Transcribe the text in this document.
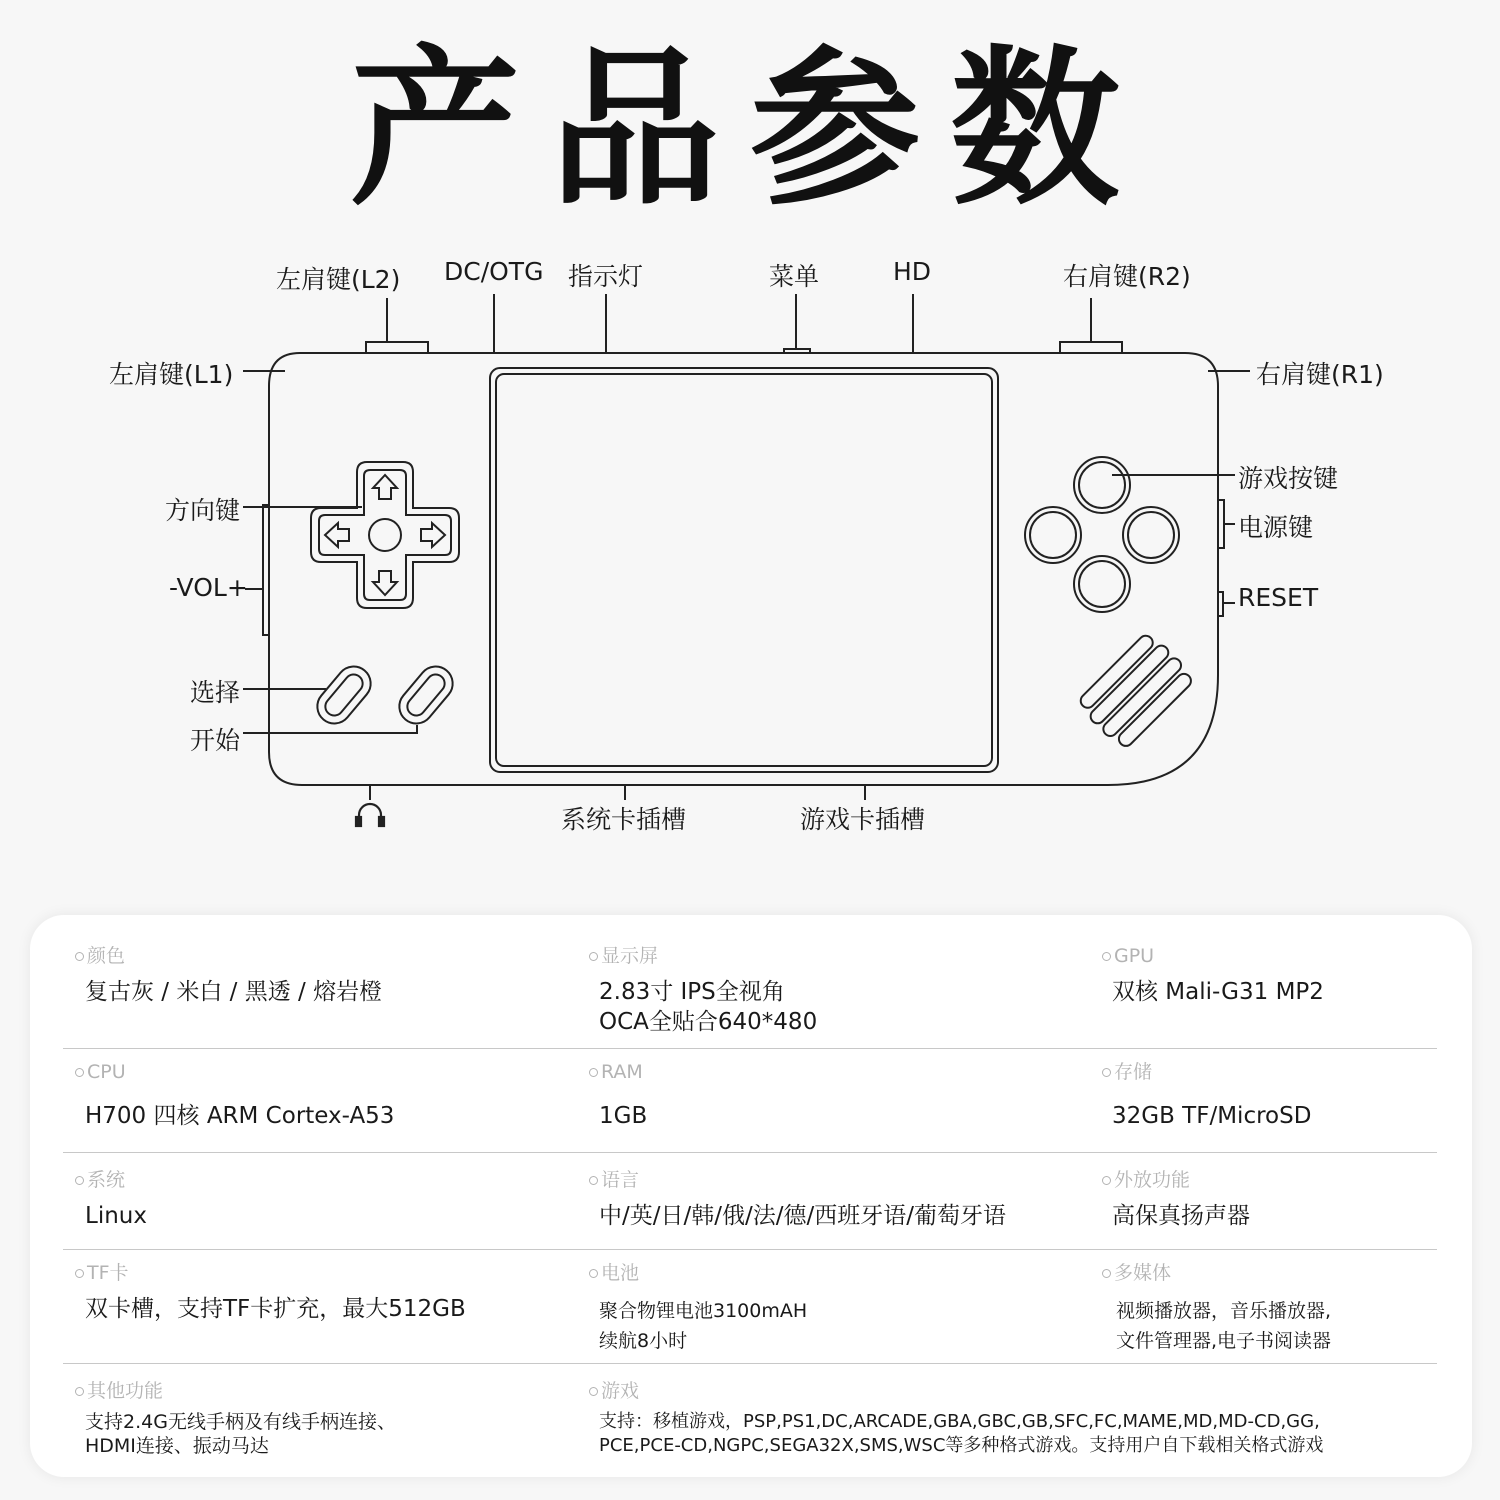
产品参数
左肩键(L2) DC/OTG 指示灯	菜单	HD	右肩键(R2)
左肩键(L1)	右肩键(R1)
方向键
-VOL+
选择
开始
游戏按键
电源键
RESET
系统卡插槽	游戏卡插槽
颜色
复古灰 / 米白 / 黑透 / 熔岩橙
显示屏
2.83寸 IPS全视角
OCA全贴合640*480
GPU
双核 Mali-G31 MP2
CPU
H700 四核 ARM Cortex-A53
RAM
1GB
存储
32GB TF/MicroSD
系统
Linux
语言
中/英/日/韩/俄/法/德/西班牙语/葡萄牙语
外放功能
高保真扬声器
TF卡
双卡槽，支持TF卡扩充，最大512GB
电池
聚合物锂电池3100mAH
续航8小时
多媒体
视频播放器，音乐播放器,
文件管理器,电子书阅读器
其他功能
支持2.4G无线手柄及有线手柄连接、
HDMI连接、振动马达
游戏
支持：移植游戏，PSP,PS1,DC,ARCADE,GBA,GBC,GB,SFC,FC,MAME,MD,MD-CD,GG,
PCE,PCE-CD,NGPC,SEGA32X,SMS,WSC等多种格式游戏。支持用户自下载相关格式游戏
